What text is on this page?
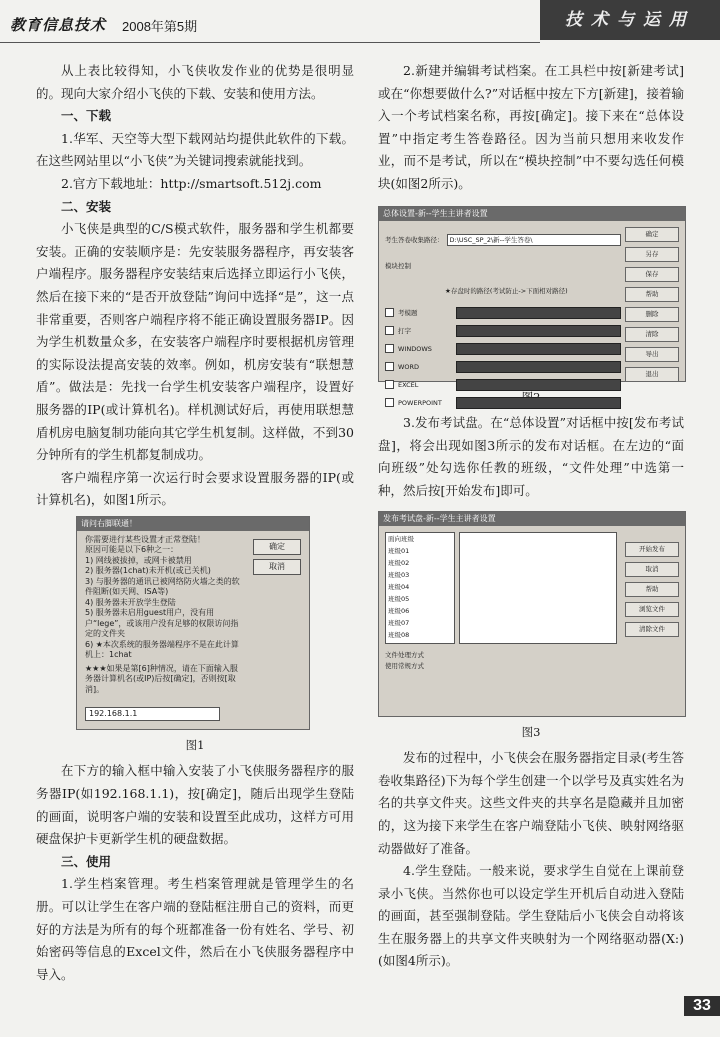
教育信息技术 2008年第5期	技术与运用

从上表比较得知，小飞侠收发作业的优势是很明显的。现向大家介绍小飞侠的下载、安装和使用方法。

一、下载

1.华军、天空等大型下载网站均提供此软件的下载。在这些网站里以“小飞侠”为关键词搜索就能找到。

2.官方下载地址：http://smartsoft.512j.com

二、安装

小飞侠是典型的C/S模式软件，服务器和学生机都要安装。正确的安装顺序是：先安装服务器程序，再安装客户端程序。服务器程序安装结束后选择立即运行小飞侠，然后在接下来的“是否开放登陆”询问中选择“是”，这一点非常重要，否则客户端程序将不能正确设置服务器IP。因为学生机数量众多，在安装客户端程序时要根据机房管理的实际设法提高安装的效率。例如，机房安装有“联想慧盾”。做法是：先找一台学生机安装客户端程序，设置好服务器的IP(或计算机名)。样机测试好后，再使用联想慧盾机房电脑复制功能向其它学生机复制。这样做，不到30分钟所有的学生机都复制成功。

客户端程序第一次运行时会要求设置服务器的IP(或计算机名)，如图1所示。

请问右脚联通！
确定
取消
你需要进行某些设置才正常登陆！
原因可能是以下6种之一：
1) 网线被拔掉，或网卡被禁用
2) 服务器(1chat)未开机(或已关机)
3) 与服务器的通讯已被网络防火墙之类的软件阻断(如天网、ISA等)
4) 服务器未开放学生登陆
5) 服务器未启用guest用户，没有用户“lege”，或该用户没有足够的权限访问指定的文件夹
6) ★本次系统的服务器端程序不是在此计算机上：1chat
★★★如果是第[6]种情况，请在下面输入服务器计算机名(或IP)后按[确定]，否则按[取消]。
192.168.1.1
图1

在下方的输入框中输入安装了小飞侠服务器程序的服务器IP(如192.168.1.1)，按[确定]，随后出现学生登陆的画面，说明客户端的安装和设置至此成功，这样方可用硬盘保护卡更新学生机的硬盘数据。

三、使用

1.学生档案管理。考生档案管理就是管理学生的名册。可以让学生在客户端的登陆框注册自己的资料，而更好的方法是为所有的每个班都准备一份有姓名、学号、初始密码等信息的Excel文件，然后在小飞侠服务器程序中导入。

2.新建并编辑考试档案。在工具栏中按[新建考试]或在“你想要做什么?”对话框中按左下方[新建]，接着输入一个考试档案名称，再按[确定]。接下来在“总体设置”中指定考生答卷路径。因为当前只想用来收发作业，而不是考试，所以在“模块控制”中不要勾选任何模块(如图2所示)。

总体设置-新--学生主讲者设置
考生答卷收集路径： D:\USC_SP_2\新--学生答卷\
模块控制
★存盘时的路径(考试防止->下面相对路径)
考模题
打字
WINDOWS
WORD
EXCEL
POWERPOINT
确定
另存
保存
帮助
删除
清除
导出
退出

3.发布考试盘。在“总体设置”对话框中按[发布考试盘]，将会出现如图3所示的发布对话框。在左边的“面向班级”处勾选你任教的班级，“文件处理”中选第一种，然后按[开始发布]即可。

发布考试盘-新--学生主讲者设置
面向班级
班级01
班级02
班级03
班级04
班级05
班级06
班级07
班级08
文件处理方式
使用常规方式
开始发布
取消
帮助
浏览文件
清除文件
图3

发布的过程中，小飞侠会在服务器指定目录(考生答卷收集路径)下为每个学生创建一个以学号及真实姓名为名的共享文件夹。这些文件夹的共享名是隐藏并且加密的，这为接下来学生在客户端登陆小飞侠、映射网络驱动器做好了准备。

4.学生登陆。一般来说，要求学生自觉在上课前登录小飞侠。当然你也可以设定学生开机后自动进入登陆的画面，甚至强制登陆。学生登陆后小飞侠会自动将该生在服务器上的共享文件夹映射为一个网络驱动器(X:)(如图4所示)。

33
